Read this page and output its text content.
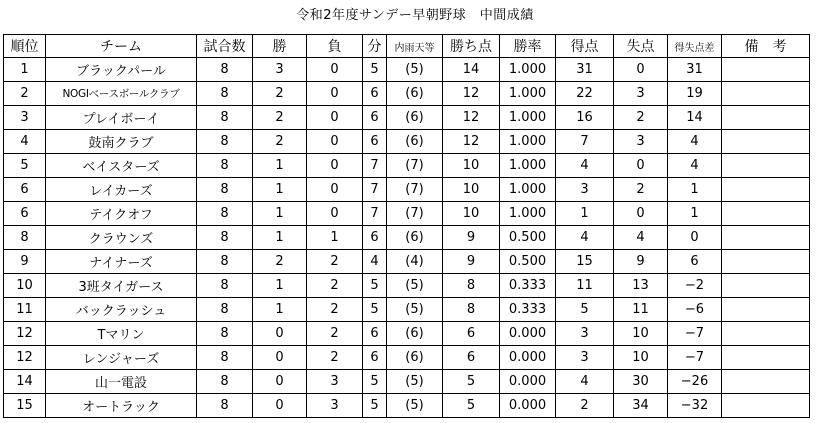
令和2年度サンデー早朝野球　中間成績
順位	チーム	試合数	勝	負	分	内雨天等	勝ち点	勝率	得点	失点	得失点差	備　考
1	ブラックパール	8	3	0	5	(5)	14	1.000	31	0	31	
2	NOGIベースボールクラブ	8	2	0	6	(6)	12	1.000	22	3	19	
3	プレイボーイ	8	2	0	6	(6)	12	1.000	16	2	14	
4	鼓南クラブ	8	2	0	6	(6)	12	1.000	7	3	4	
5	ベイスターズ	8	1	0	7	(7)	10	1.000	4	0	4	
6	レイカーズ	8	1	0	7	(7)	10	1.000	3	2	1	
6	テイクオフ	8	1	0	7	(7)	10	1.000	1	0	1	
8	クラウンズ	8	1	1	6	(6)	9	0.500	4	4	0	
9	ナイナーズ	8	2	2	4	(4)	9	0.500	15	9	6	
10	3班タイガース	8	1	2	5	(5)	8	0.333	11	13	−2	
11	バックラッシュ	8	1	2	5	(5)	8	0.333	5	11	−6	
12	Tマリン	8	0	2	6	(6)	6	0.000	3	10	−7	
12	レンジャーズ	8	0	2	6	(6)	6	0.000	3	10	−7	
14	山一電設	8	0	3	5	(5)	5	0.000	4	30	−26	
15	オートラック	8	0	3	5	(5)	5	0.000	2	34	−32	
